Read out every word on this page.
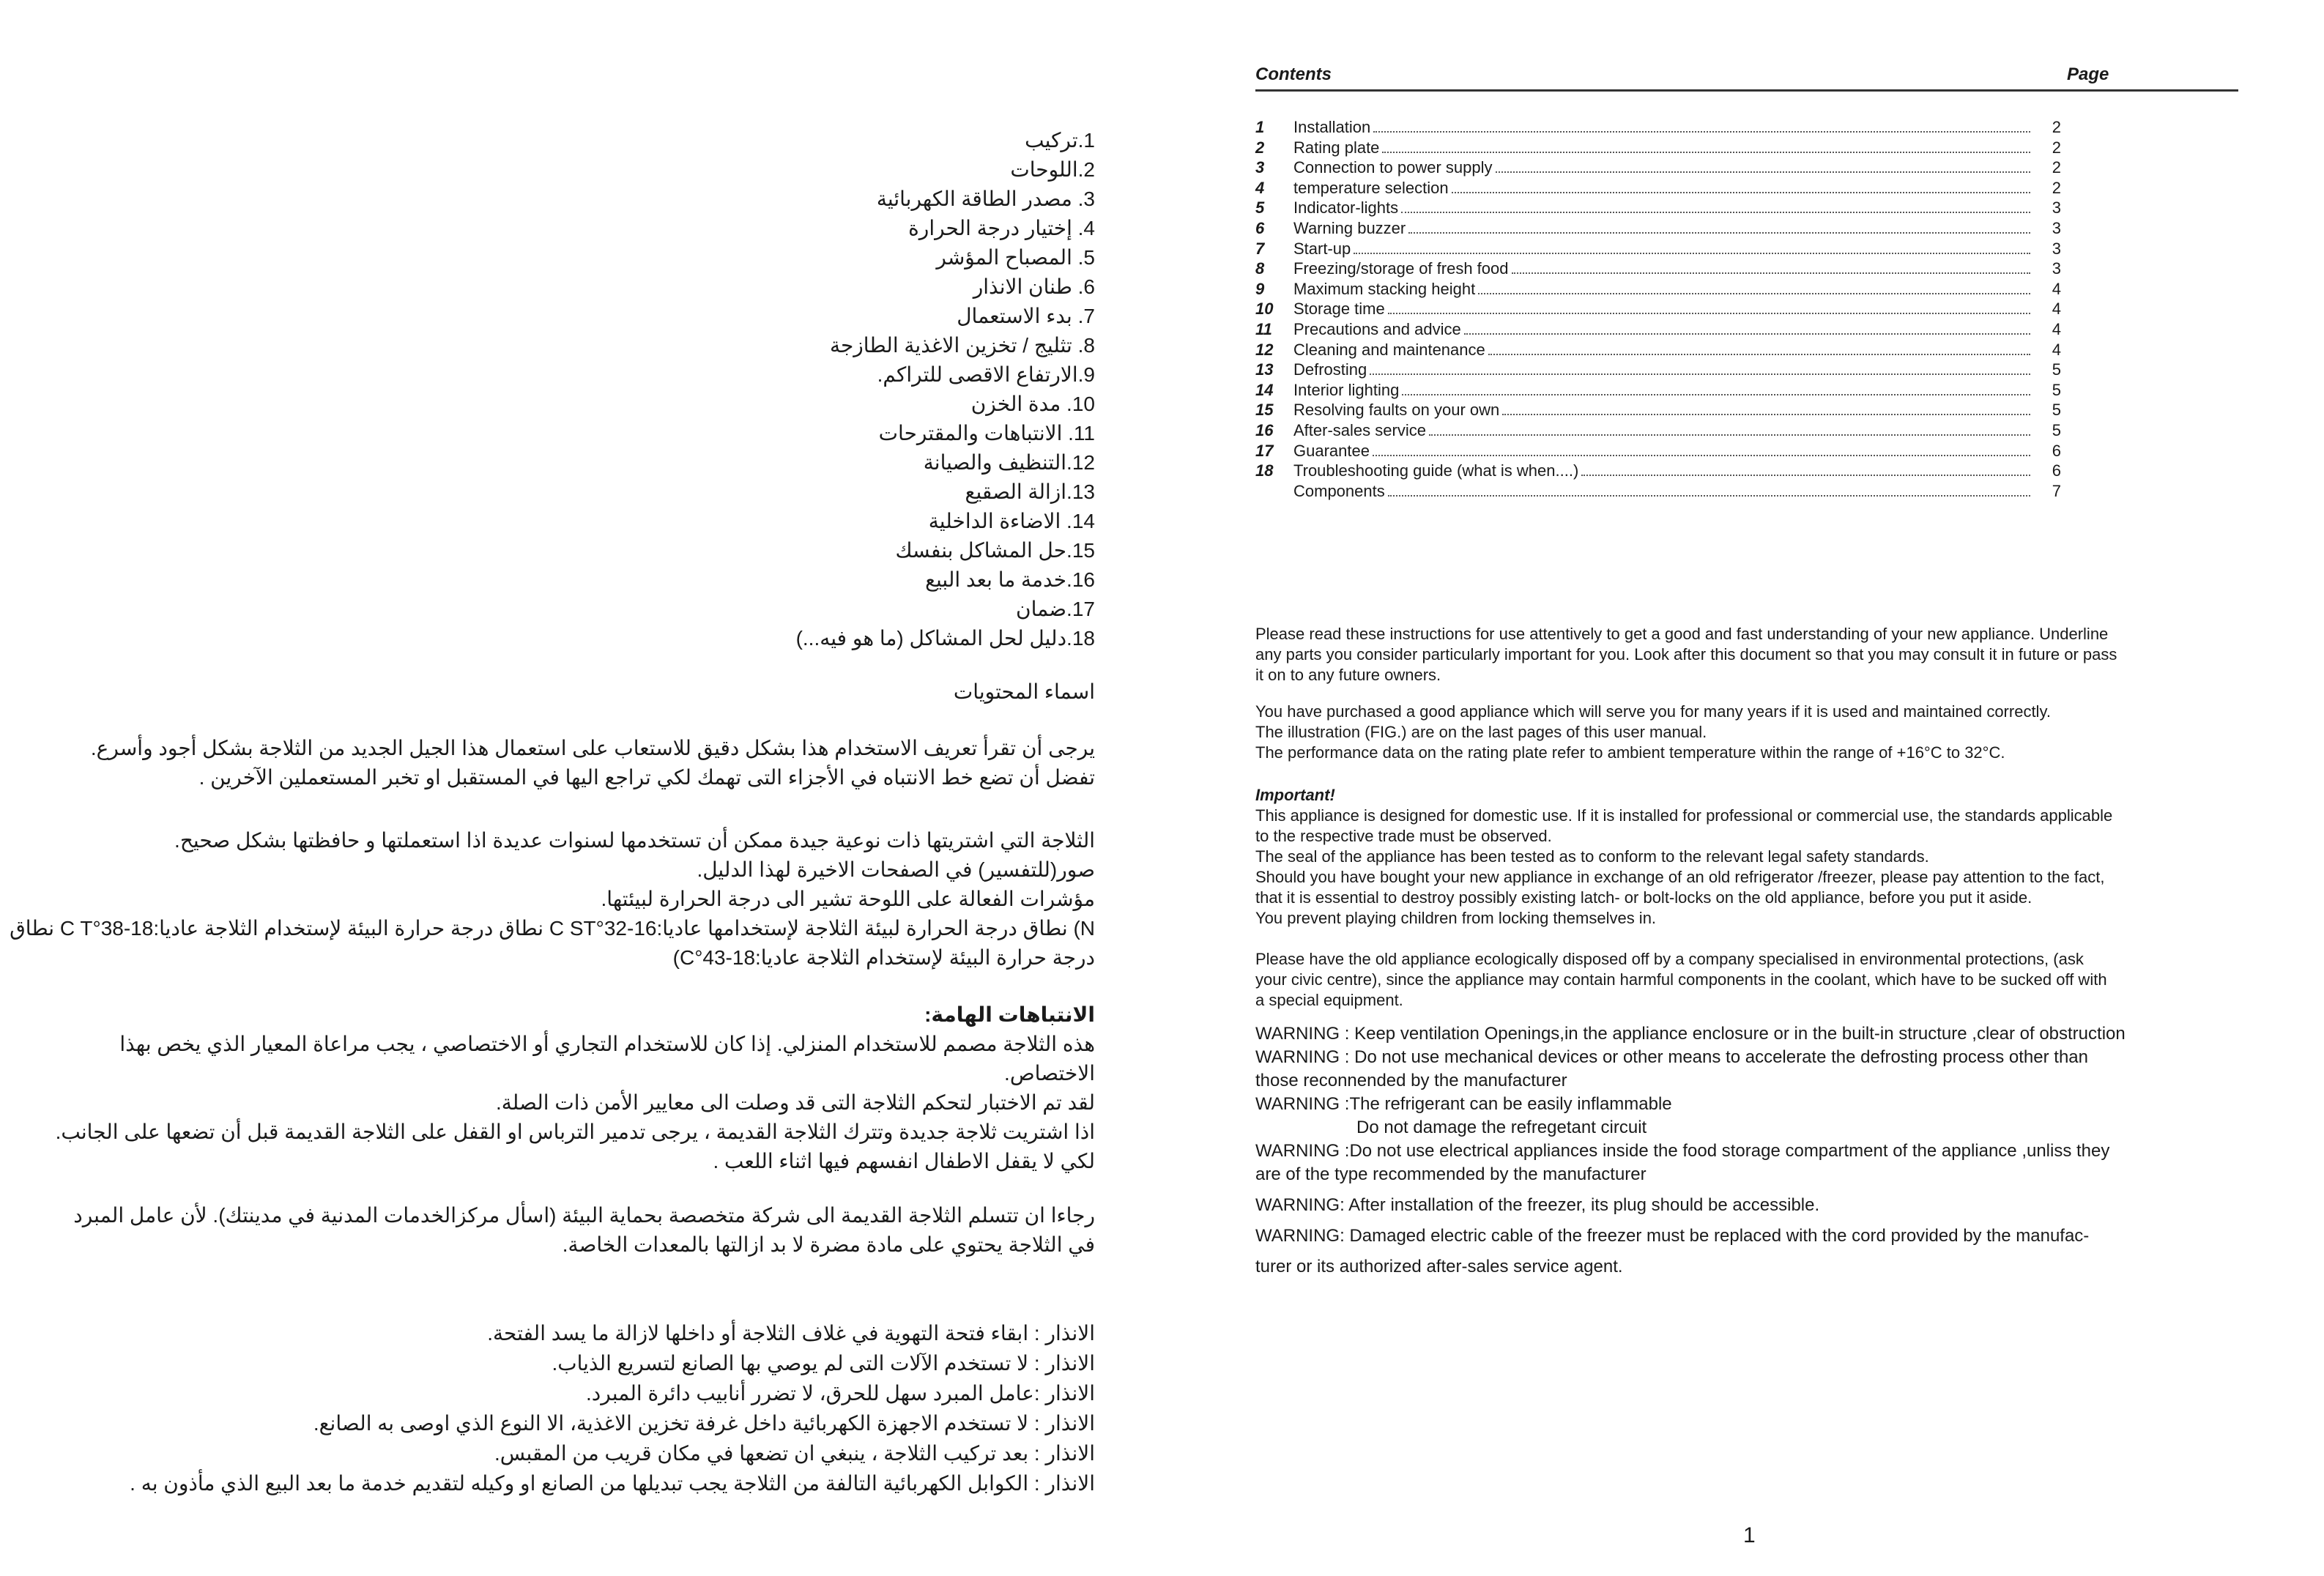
1.تركيب
2.اللوحات
3. مصدر الطاقة الكهربائية
4. إختيار درجة الحرارة
5. المصباح المؤشر
6. طنان الانذار
7. بدء الاستعمال
8. تثليج / تخزين الاغذية الطازجة
9.الارتفاع الاقصى للتراكم.
10. مدة الخزن
11. الانتباهات والمقترحات
12.التنظيف والصيانة
13.ازالة الصقيع
14. الاضاءة الداخلية
15.حل المشاكل بنفسك
16.خدمة ما بعد البيع
17.ضمان
18.دليل لحل المشاكل (ما هو فيه...)
اسماء المحتويات
يرجى أن تقرأ تعريف الاستخدام هذا بشكل دقيق للاستعاب على استعمال هذا الجيل الجديد من الثلاجة بشكل أجود وأسرع. تفضل أن تضع خط الانتباه في الأجزاء التى تهمك لكي تراجع اليها في المستقبل او تخبر المستعملين الآخرين .
الثلاجة التي اشتريتها ذات نوعية جيدة ممكن أن تستخدمها لسنوات عديدة اذا استعملتها و حافظتها بشكل صحيح.
صور(للتفسير) في الصفحات الاخيرة لهذا الدليل.
مؤشرات الفعالة على اللوحة تشير الى درجة الحرارة لبيئتها.
N) نطاق درجة الحرارة لبيئة الثلاجة لإستخدامها عاديا:16-32°C ST نطاق درجة حرارة البيئة لإستخدام الثلاجة عاديا:18-38°C T نطاق
درجة حرارة البيئة لإستخدام الثلاجة عاديا:18-43°C)
الانتباهات الهامة:
هذه الثلاجة مصمم للاستخدام المنزلي. إذا كان للاستخدام التجاري أو الاختصاصي ، يجب مراعاة المعيار الذي يخص بهذا الاختصاص.
لقد تم الاختبار لتحكم الثلاجة التى قد وصلت الى معايير الأمن ذات الصلة.
اذا اشتريت ثلاجة جديدة وتترك الثلاجة القديمة ، يرجى تدمير الترباس او القفل على الثلاجة القديمة قبل أن تضعها على الجانب.
لكي لا يقفل الاطفال انفسهم فيها اثناء اللعب .
رجاءا ان تتسلم الثلاجة القديمة الى شركة متخصصة بحماية البيئة (اسأل مركزالخدمات المدنية في مدينتك). لأن عامل المبرد في الثلاجة يحتوي على مادة مضرة لا بد ازالتها بالمعدات الخاصة.
الانذار : ابقاء فتحة التهوية في غلاف الثلاجة أو داخلها لازالة ما يسد الفتحة.
الانذار : لا تستخدم الآلات التى لم يوصي بها الصانع لتسريع الذياب.
الانذار :عامل المبرد سهل للحرق، لا تضرر أنابيب دائرة المبرد.
الانذار : لا تستخدم الاجهزة الكهربائية داخل غرفة تخزين الاغذية، الا النوع الذي اوصى به الصانع.
الانذار : بعد تركيب الثلاجة ، ينبغي ان تضعها في مكان قريب من المقبس.
الانذار : الكوابل الكهربائية التالفة من الثلاجة يجب تبديلها من الصانع او وكيله لتقديم خدمة ما بعد البيع الذي مأذون به .
Contents	Page
1	Installation	2
2	Rating plate	2
3	Connection to power supply	2
4	temperature selection	2
5	Indicator-lights	3
6	Warning buzzer	3
7	Start-up	3
8	Freezing/storage of fresh food	3
9	Maximum stacking height	4
10	Storage time	4
11	Precautions and advice	4
12	Cleaning and maintenance	4
13	Defrosting	5
14	Interior lighting	5
15	Resolving faults on your own	5
16	After-sales service	5
17	Guarantee	6
18	Troubleshooting guide (what is when....)	6
Components	7
Please read these instructions for use attentively to get a good and fast understanding of your new appliance. Underline
any parts you consider particularly important for you. Look after this document so that you may consult it in future or pass
it on to any future owners.
You have purchased a good appliance which will serve you for many years if it is used and maintained correctly.
The illustration (FIG.) are on the last pages of this user manual.
The performance data on the rating plate refer to ambient temperature within the range of +16°C to 32°C.
Important!
This appliance is designed for domestic use. If it is installed for professional or commercial use, the standards applicable
to the respective trade must be observed.
The seal of the appliance has been tested as to conform to the relevant legal safety standards.
Should you have bought your new appliance in exchange of an old refrigerator /freezer, please pay attention to the fact,
that it is essential to destroy possibly existing latch- or bolt-locks on the old appliance, before you put it aside.
You prevent playing children from locking themselves in.
Please have the old appliance ecologically disposed off by a company specialised in environmental protections, (ask
your civic centre), since the appliance may contain harmful components in the coolant, which have to be sucked off with
a special equipment.
WARNING : Keep ventilation Openings,in the appliance enclosure or in the built-in structure ,clear of obstruction
WARNING : Do not use mechanical devices or other means to accelerate the defrosting process other than
those reconnended by the manufacturer
WARNING :The refrigerant can be easily inflammable
Do not damage the refregetant circuit
WARNING :Do not use electrical appliances inside the food storage compartment of the appliance ,unliss they
are of the type recommended by the manufacturer
WARNING: After installation of the freezer, its plug should be accessible.
WARNING: Damaged electric cable of the freezer must be replaced with the cord provided by the manufac-
turer or its authorized after-sales service agent.
1
